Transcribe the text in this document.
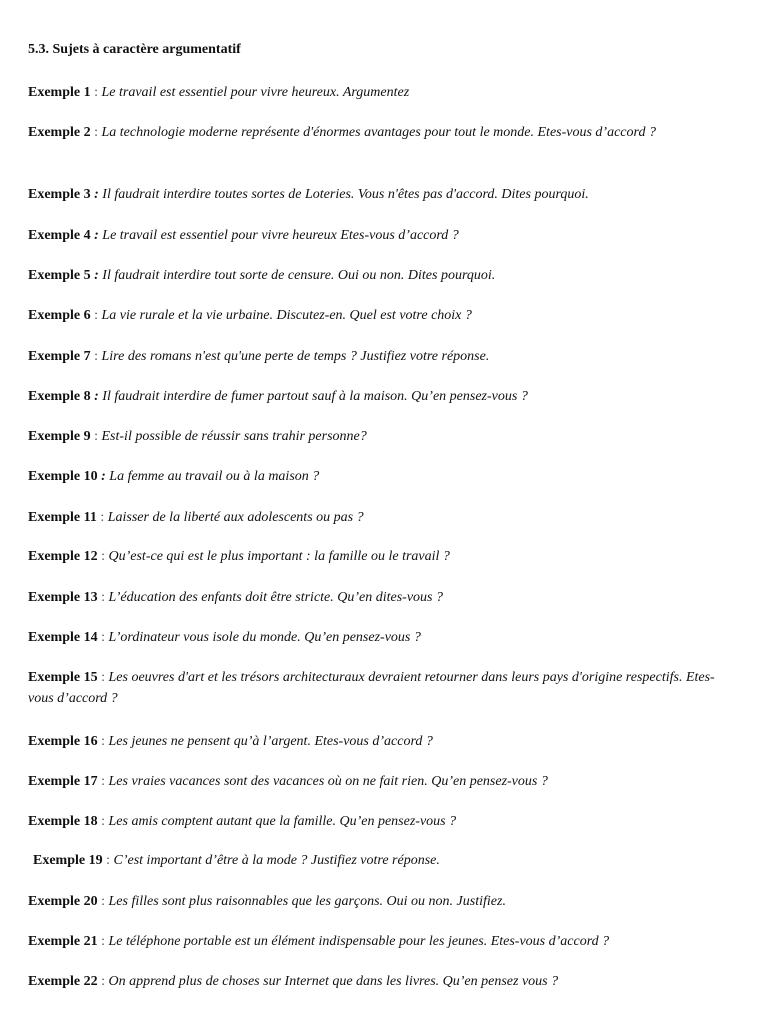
5.3. Sujets à caractère argumentatif
Exemple 1 : Le travail est essentiel pour vivre heureux. Argumentez
Exemple 2 : La technologie moderne représente d'énormes avantages pour tout le monde. Etes-vous d’accord ?
Exemple 3 : Il faudrait interdire toutes sortes de Loteries. Vous n'êtes pas d'accord. Dites pourquoi.
Exemple 4 : Le travail est essentiel pour vivre heureux Etes-vous d’accord ?
Exemple 5 : Il faudrait interdire tout sorte de censure. Oui ou non. Dites pourquoi.
Exemple 6 : La vie rurale et la vie urbaine. Discutez-en. Quel est votre choix ?
Exemple 7 : Lire des romans n'est qu'une perte de temps ? Justifiez votre réponse.
Exemple 8 : Il faudrait interdire de fumer partout sauf à la maison. Qu’en pensez-vous ?
Exemple 9 : Est-il possible de réussir sans trahir personne?
Exemple 10 : La femme au travail ou à la maison ?
Exemple 11 : Laisser de la liberté aux adolescents ou pas ?
Exemple 12 : Qu’est-ce qui est le plus important : la famille ou le travail ?
Exemple 13 : L’éducation des enfants doit être stricte. Qu’en dites-vous ?
Exemple 14 : L’ordinateur vous isole du monde. Qu’en pensez-vous ?
Exemple 15 : Les oeuvres d'art et les trésors architecturaux devraient retourner dans leurs pays d'origine respectifs. Etes-vous d’accord ?
Exemple 16 : Les jeunes ne pensent qu’à l’argent. Etes-vous d’accord ?
Exemple 17 : Les vraies vacances sont des vacances où on ne fait rien. Qu’en pensez-vous ?
Exemple 18 : Les amis comptent autant que la famille. Qu’en pensez-vous ?
Exemple 19 : C’est important d’être à la mode ? Justifiez votre réponse.
Exemple 20 : Les filles sont plus raisonnables que les garçons. Oui ou non. Justifiez.
Exemple 21 : Le téléphone portable est un élément indispensable pour les jeunes. Etes-vous d’accord ?
Exemple 22 : On apprend plus de choses sur Internet que dans les livres. Qu’en pensez vous ?
